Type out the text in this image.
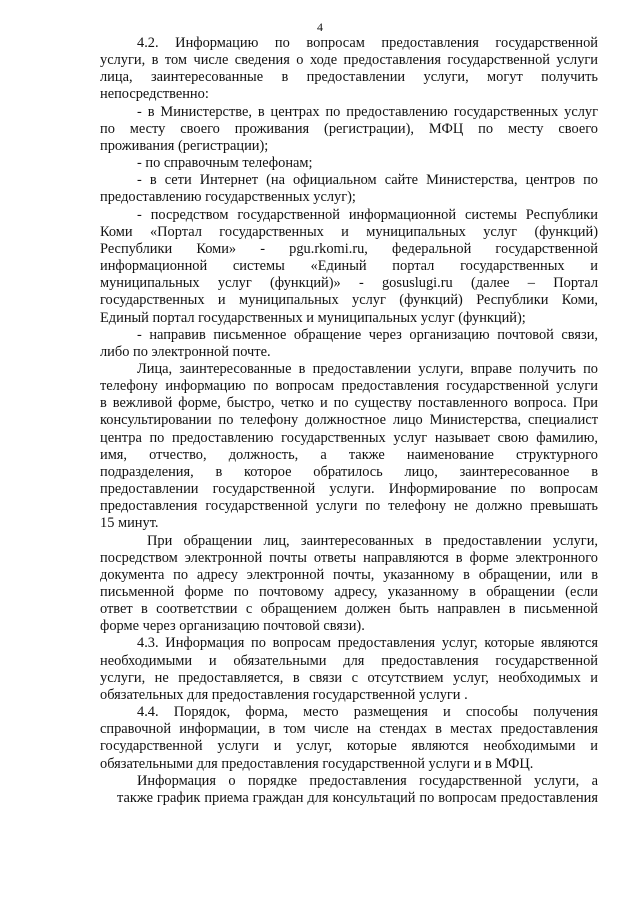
4

4.2. Информацию по вопросам предоставления государственной

услуги, в том числе сведения о ходе предоставления государственной услуги

лица, заинтересованные в предоставлении услуги, могут получить

непосредственно:

- в Министерстве, в центрах по предоставлению государственных услуг

по месту своего проживания (регистрации), МФЦ по месту своего

проживания (регистрации);

- по справочным телефонам;

- в сети Интернет (на официальном сайте Министерства, центров по

предоставлению государственных услуг);

- посредством государственной информационной системы Республики

Коми «Портал государственных и муниципальных услуг (функций)

Республики Коми» - pgu.rkomi.ru, федеральной государственной

информационной системы «Единый портал государственных и

муниципальных услуг (функций)» - gosuslugi.ru (далее – Портал

государственных и муниципальных услуг (функций) Республики Коми,

Единый портал государственных и муниципальных услуг (функций);

- направив письменное обращение через организацию почтовой связи,

либо по электронной почте.

Лица, заинтересованные в предоставлении услуги, вправе получить по

телефону информацию по вопросам предоставления государственной услуги

в вежливой форме, быстро, четко и по существу поставленного вопроса. При

консультировании по телефону должностное лицо Министерства, специалист

центра по предоставлению государственных услуг называет свою фамилию,

имя, отчество, должность, а также наименование структурного

подразделения, в которое обратилось лицо, заинтересованное в

предоставлении государственной услуги. Информирование по вопросам

предоставления государственной услуги по телефону не должно превышать

15 минут.

При обращении лиц, заинтересованных в предоставлении услуги,

посредством электронной почты ответы направляются в форме электронного

документа по адресу электронной почты, указанному в обращении, или в

письменной форме по почтовому адресу, указанному в обращении (если

ответ в соответствии с обращением должен быть направлен в письменной

форме через организацию почтовой связи).

4.3. Информация по вопросам предоставления услуг, которые являются

необходимыми и обязательными для предоставления государственной

услуги, не предоставляется, в связи с отсутствием услуг, необходимых и

обязательных для предоставления государственной услуги .

4.4. Порядок, форма, место размещения и способы получения

справочной информации, в том числе на стендах в местах предоставления

государственной услуги и услуг, которые являются необходимыми и

обязательными для предоставления государственной услуги и в МФЦ.

Информация о порядке предоставления государственной услуги, а

также график приема граждан для консультаций по вопросам предоставления
